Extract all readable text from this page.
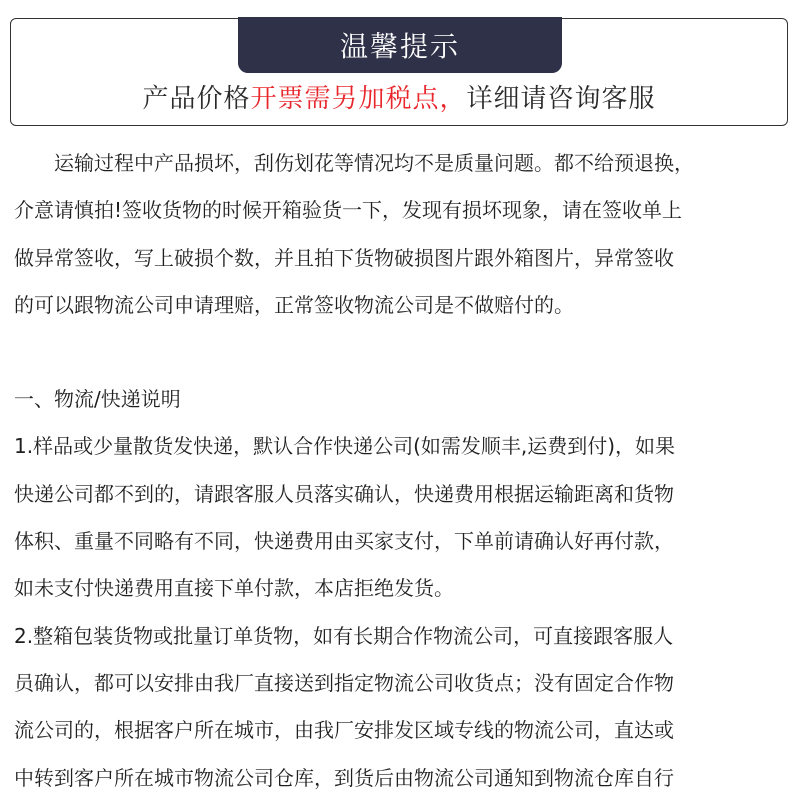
温馨提示
产品价格开票需另加税点，详细请咨询客服

　　运输过程中产品损坏，刮伤划花等情况均不是质量问题。都不给预退换，

介意请慎拍!签收货物的时候开箱验货一下，发现有损坏现象，请在签收单上

做异常签收，写上破损个数，并且拍下货物破损图片跟外箱图片，异常签收

的可以跟物流公司申请理赔，正常签收物流公司是不做赔付的。

一、物流/快递说明

1.样品或少量散货发快递，默认合作快递公司(如需发顺丰,运费到付)，如果

快递公司都不到的，请跟客服人员落实确认，快递费用根据运输距离和货物

体积、重量不同略有不同，快递费用由买家支付，下单前请确认好再付款，

如未支付快递费用直接下单付款，本店拒绝发货。

2.整箱包装货物或批量订单货物，如有长期合作物流公司，可直接跟客服人

员确认，都可以安排由我厂直接送到指定物流公司收货点；没有固定合作物

流公司的，根据客户所在城市，由我厂安排发区域专线的物流公司，直达或

中转到客户所在城市物流公司仓库，到货后由物流公司通知到物流仓库自行
